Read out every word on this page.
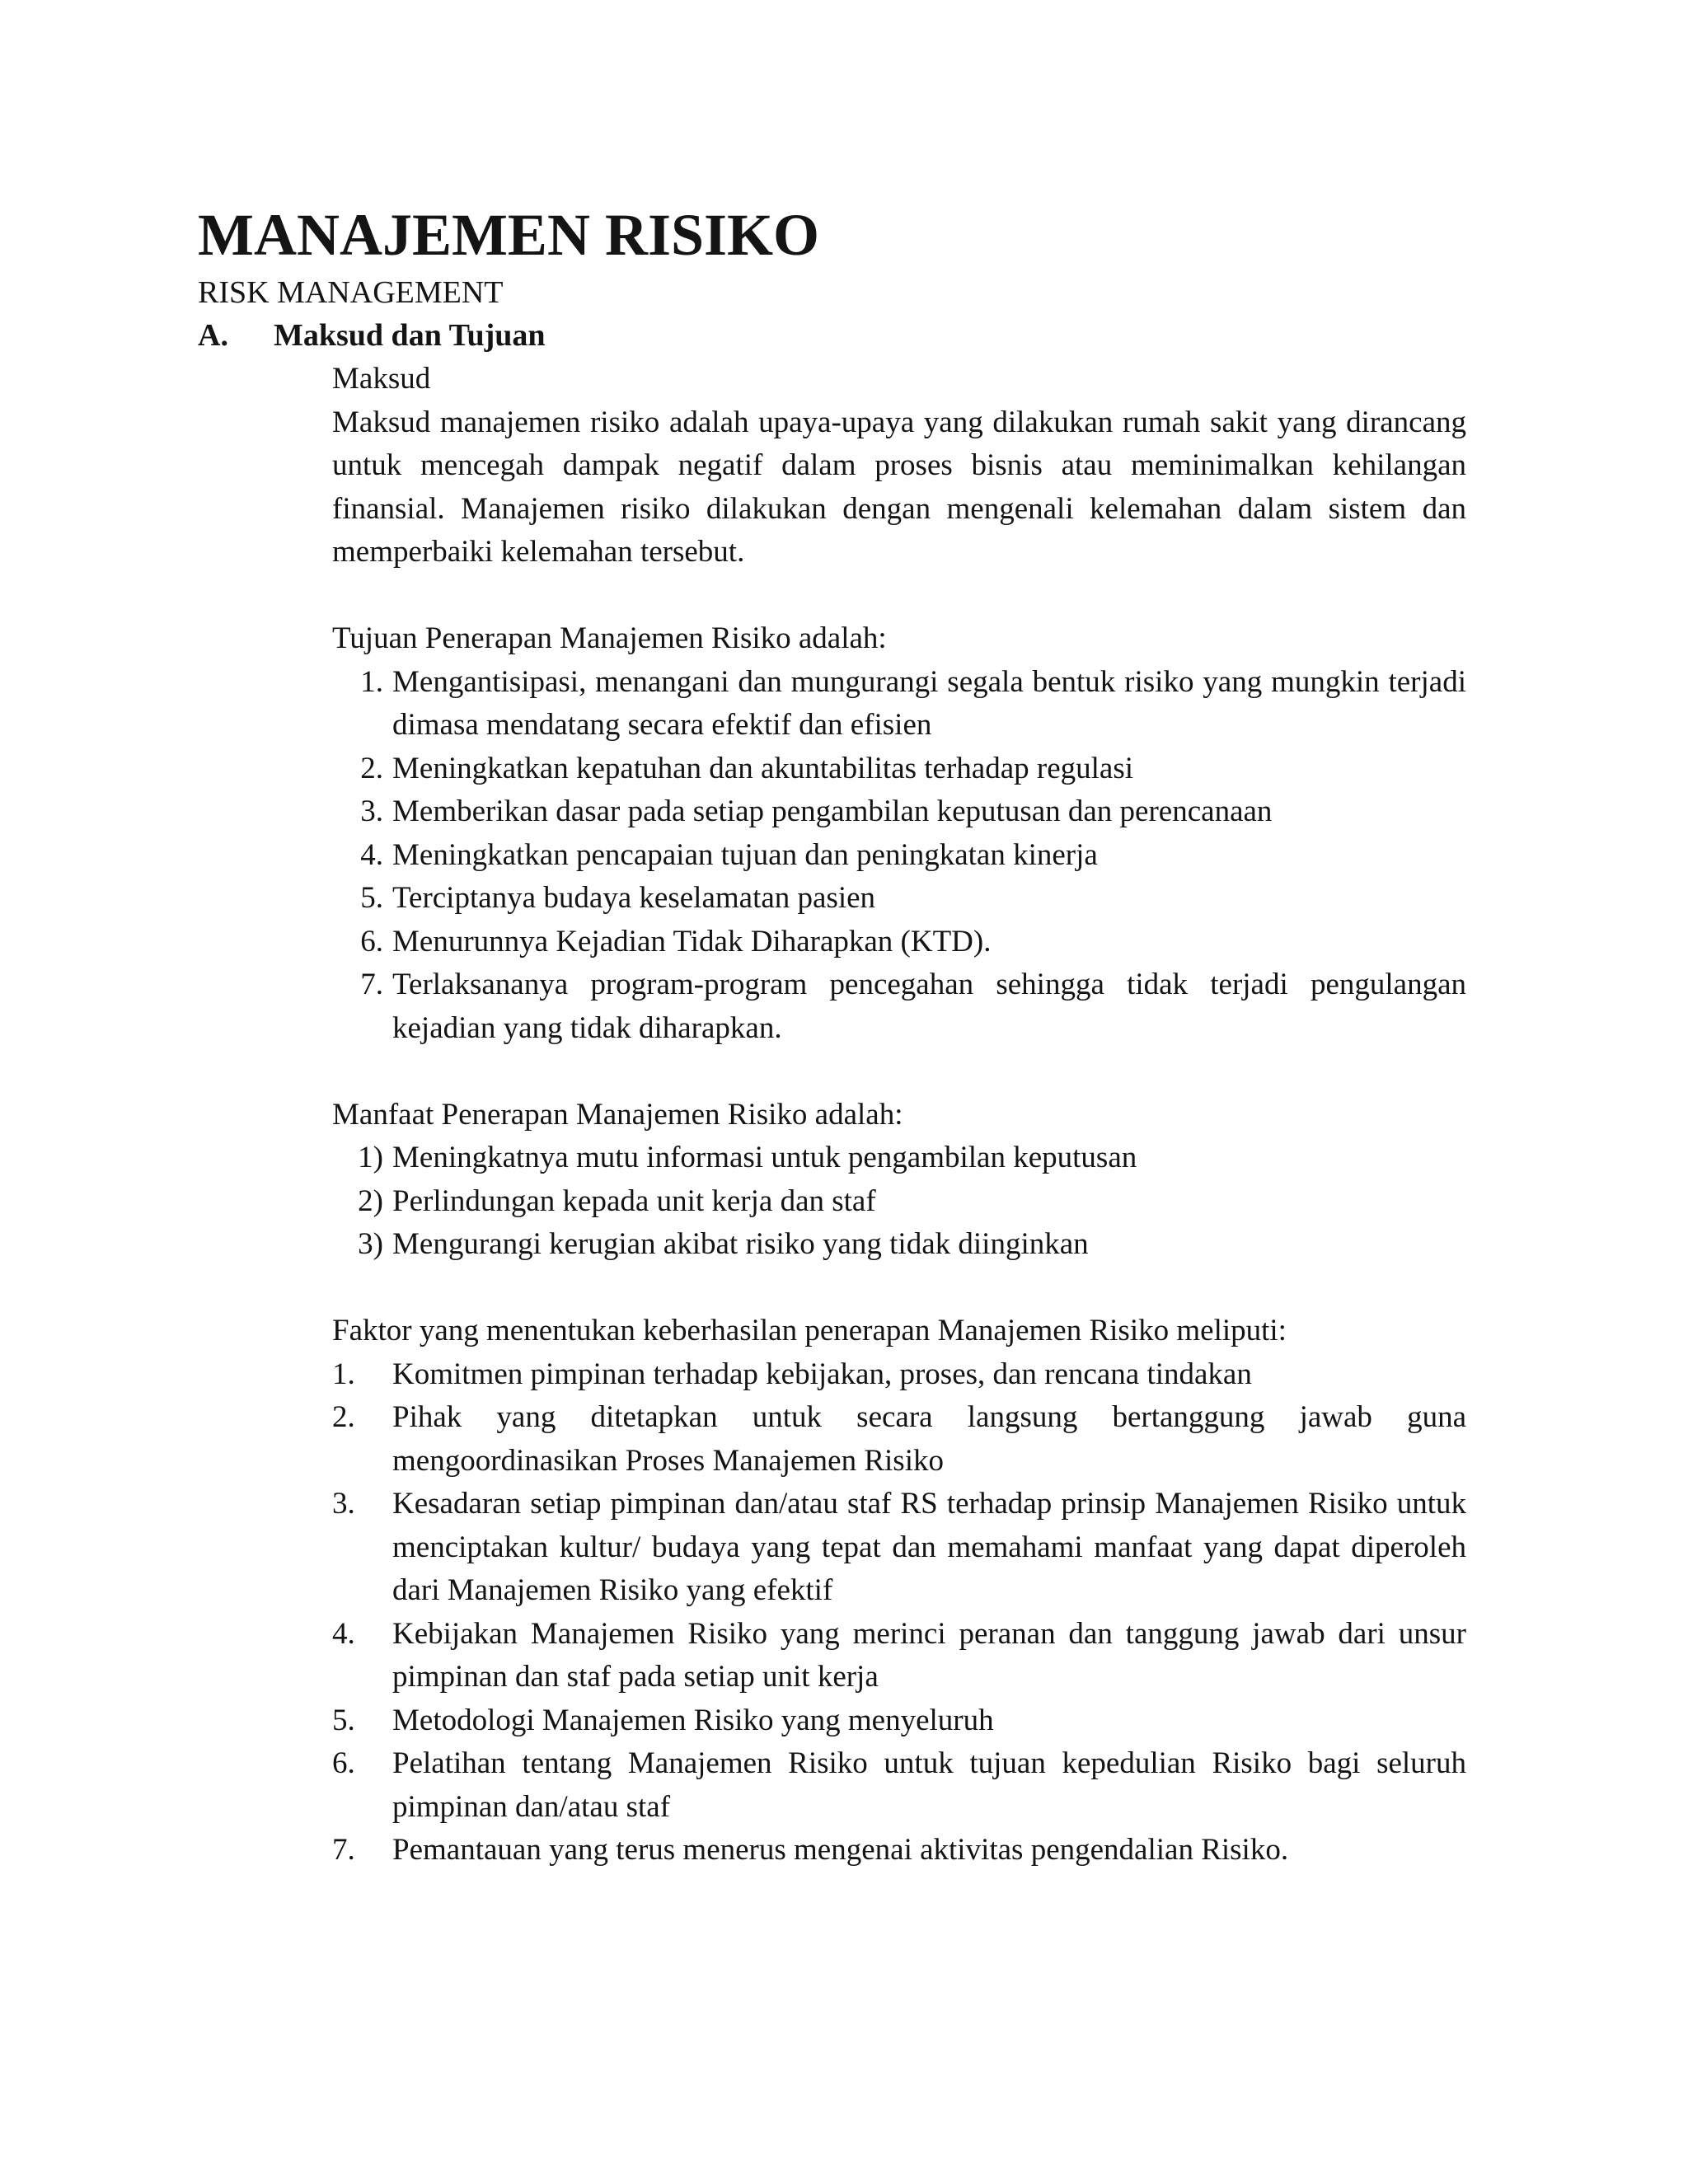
MANAJEMEN RISIKO
RISK MANAGEMENT
A. Maksud dan Tujuan

Maksud

Maksud manajemen risiko adalah upaya-upaya yang dilakukan rumah sakit yang dirancang untuk mencegah dampak negatif dalam proses bisnis atau meminimalkan kehilangan finansial. Manajemen risiko dilakukan dengan mengenali kelemahan dalam sistem dan memperbaiki kelemahan tersebut.

Tujuan Penerapan Manajemen Risiko adalah:

1. Mengantisipasi, menangani dan mungurangi segala bentuk risiko yang mungkin terjadi dimasa mendatang secara efektif dan efisien
2. Meningkatkan kepatuhan dan akuntabilitas terhadap regulasi
3. Memberikan dasar pada setiap pengambilan keputusan dan perencanaan
4. Meningkatkan pencapaian tujuan dan peningkatan kinerja
5. Terciptanya budaya keselamatan pasien
6. Menurunnya Kejadian Tidak Diharapkan (KTD).
7. Terlaksananya program-program pencegahan sehingga tidak terjadi pengulangan kejadian yang tidak diharapkan.

Manfaat Penerapan Manajemen Risiko adalah:

1) Meningkatnya mutu informasi untuk pengambilan keputusan
2) Perlindungan kepada unit kerja dan staf
3) Mengurangi kerugian akibat risiko yang tidak diinginkan

Faktor yang menentukan keberhasilan penerapan Manajemen Risiko meliputi:

1.	Komitmen pimpinan terhadap kebijakan, proses, dan rencana tindakan
2.	Pihak yang ditetapkan untuk secara langsung bertanggung jawab guna mengoordinasikan Proses Manajemen Risiko
3.	Kesadaran setiap pimpinan dan/atau staf RS terhadap prinsip Manajemen Risiko untuk menciptakan kultur/ budaya yang tepat dan memahami manfaat yang dapat diperoleh dari Manajemen Risiko yang efektif
4.	Kebijakan Manajemen Risiko yang merinci peranan dan tanggung jawab dari unsur pimpinan dan staf pada setiap unit kerja
5.	Metodologi Manajemen Risiko yang menyeluruh
6.	Pelatihan tentang Manajemen Risiko untuk tujuan kepedulian Risiko bagi seluruh pimpinan dan/atau staf
7.	Pemantauan yang terus menerus mengenai aktivitas pengendalian Risiko.
